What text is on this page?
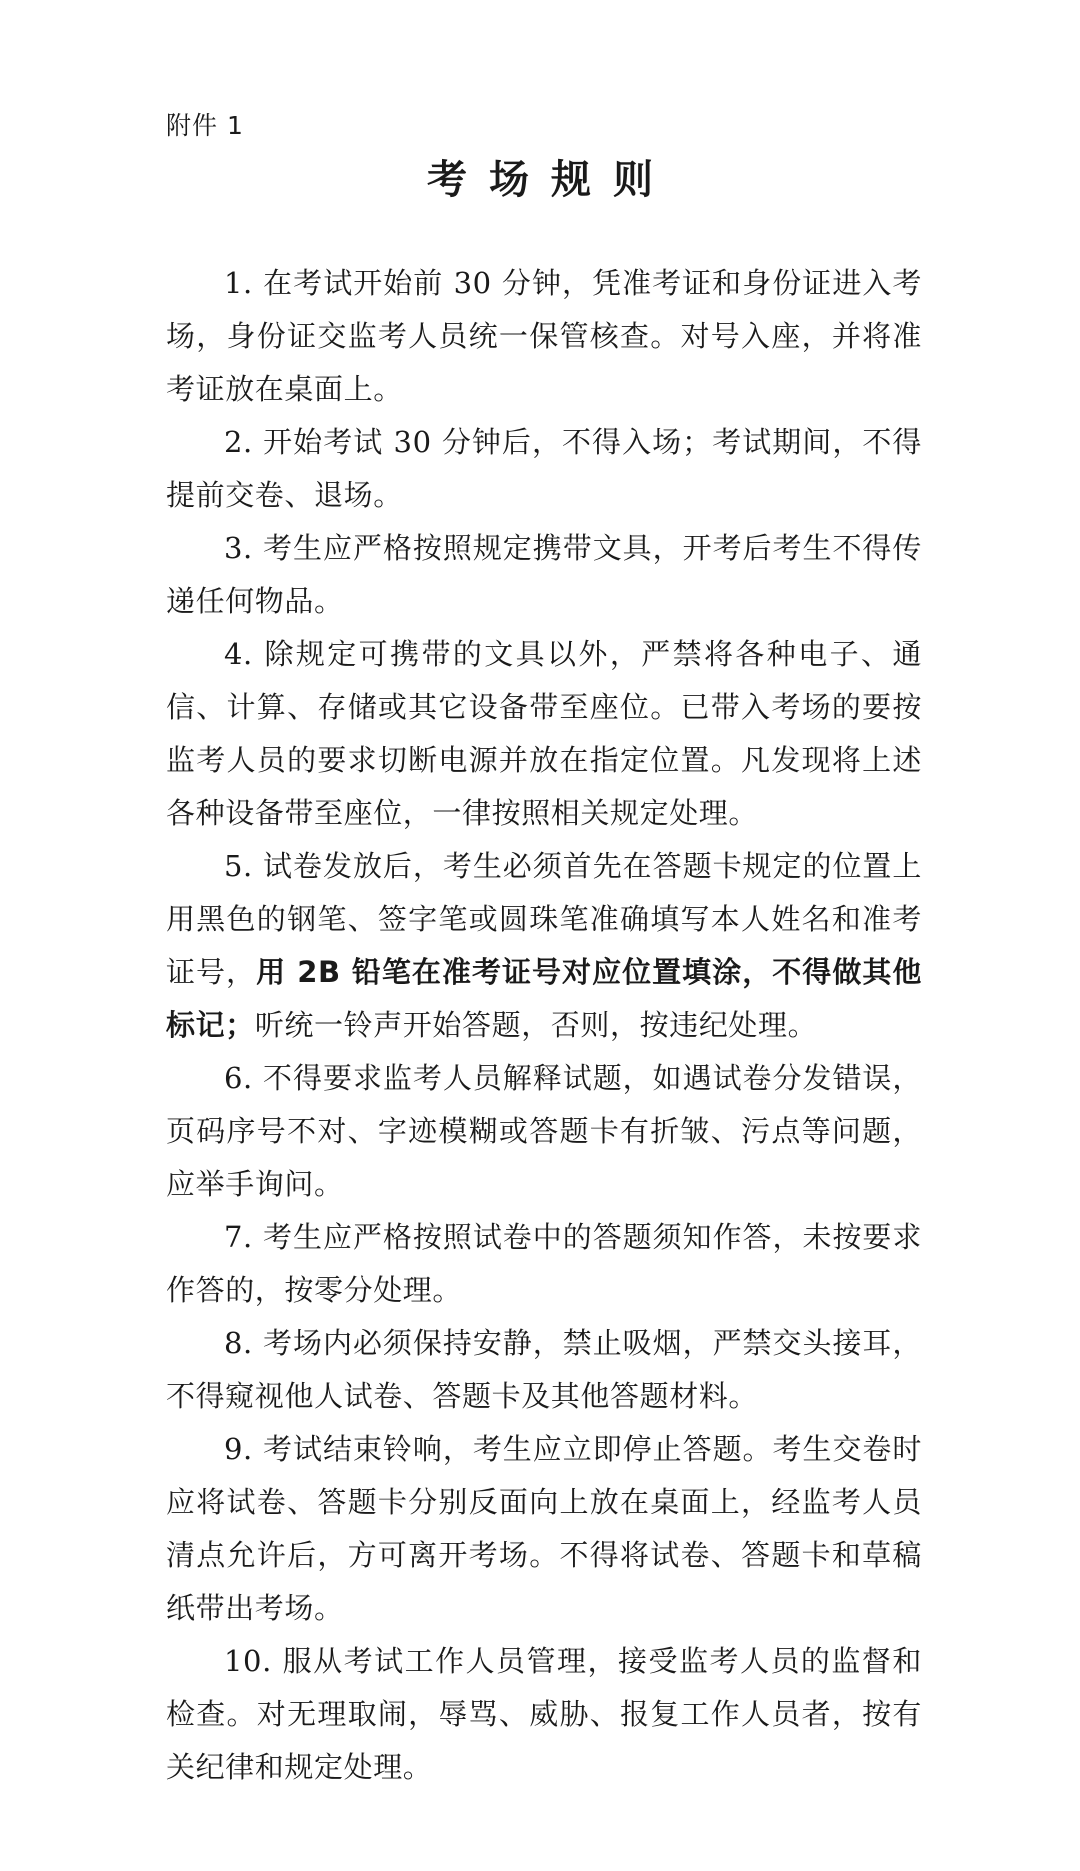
附件 1
考场规则

1. 在考试开始前 30 分钟，凭准考证和身份证进入考场，身份证交监考人员统一保管核查。对号入座，并将准考证放在桌面上。

2. 开始考试 30 分钟后，不得入场；考试期间，不得提前交卷、退场。

3. 考生应严格按照规定携带文具，开考后考生不得传递任何物品。

4. 除规定可携带的文具以外，严禁将各种电子、通信、计算、存储或其它设备带至座位。已带入考场的要按监考人员的要求切断电源并放在指定位置。凡发现将上述各种设备带至座位，一律按照相关规定处理。

5. 试卷发放后，考生必须首先在答题卡规定的位置上用黑色的钢笔、签字笔或圆珠笔准确填写本人姓名和准考证号，用 2B 铅笔在准考证号对应位置填涂，不得做其他标记；听统一铃声开始答题，否则，按违纪处理。

6. 不得要求监考人员解释试题，如遇试卷分发错误，页码序号不对、字迹模糊或答题卡有折皱、污点等问题，应举手询问。

7. 考生应严格按照试卷中的答题须知作答，未按要求作答的，按零分处理。

8. 考场内必须保持安静，禁止吸烟，严禁交头接耳，不得窥视他人试卷、答题卡及其他答题材料。

9. 考试结束铃响，考生应立即停止答题。考生交卷时应将试卷、答题卡分别反面向上放在桌面上，经监考人员清点允许后，方可离开考场。不得将试卷、答题卡和草稿纸带出考场。

10. 服从考试工作人员管理，接受监考人员的监督和检查。对无理取闹，辱骂、威胁、报复工作人员者，按有关纪律和规定处理。
